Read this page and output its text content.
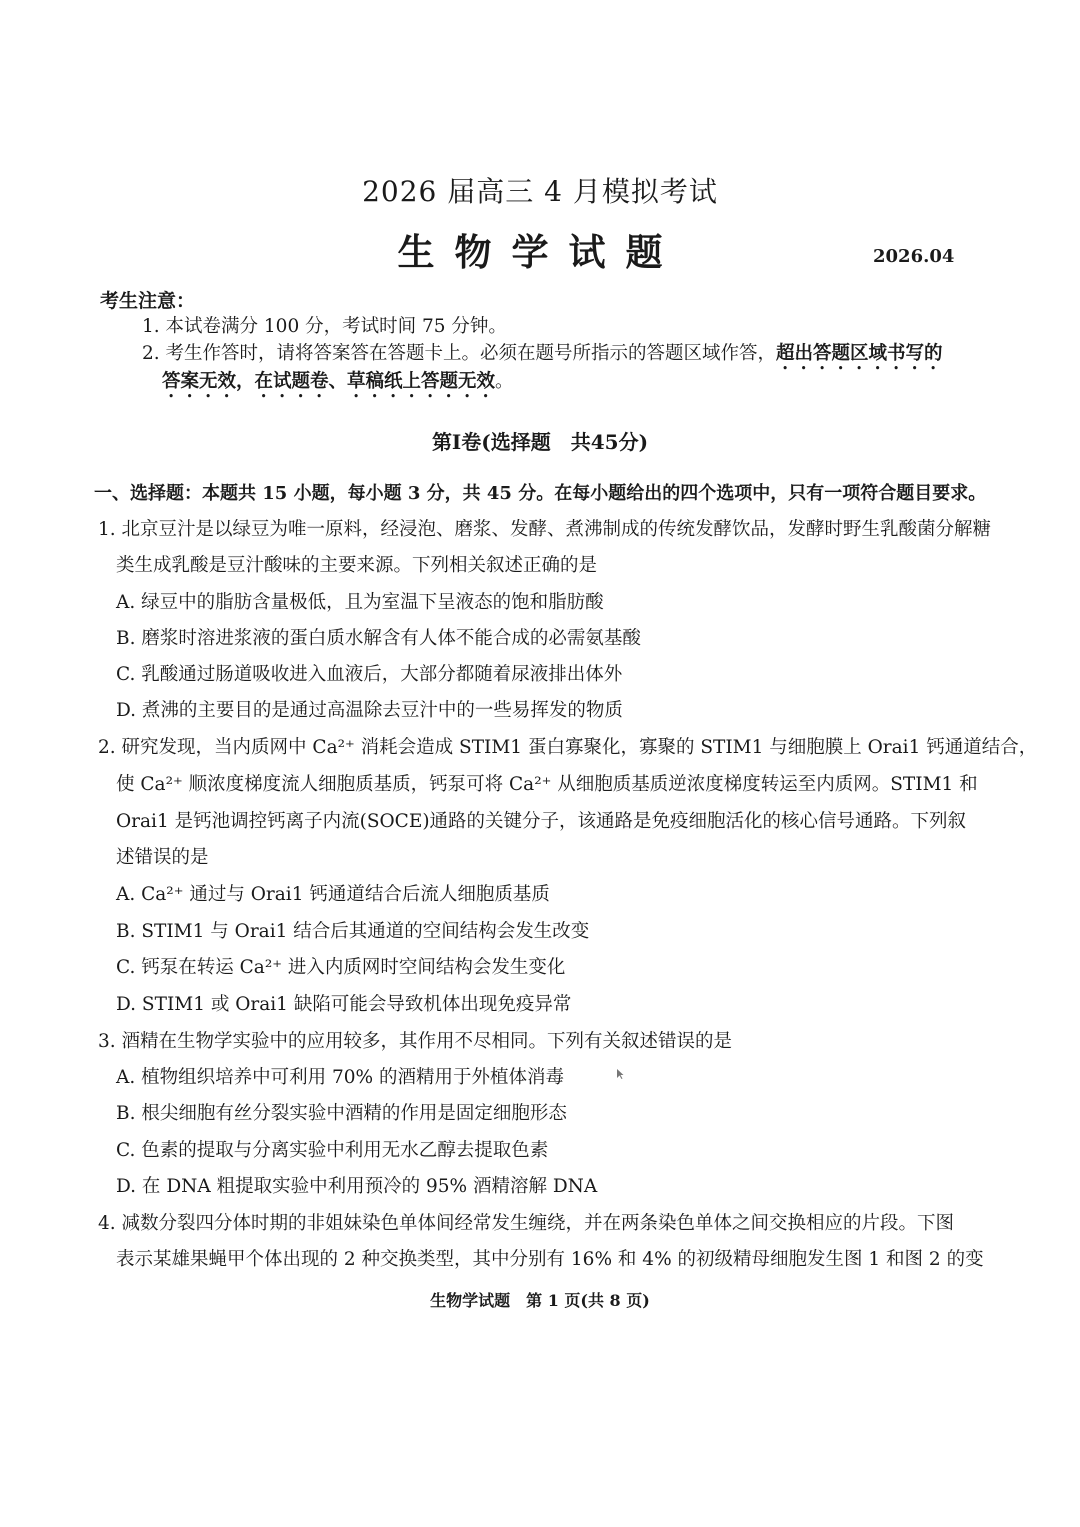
2026 届高三 4 月模拟考试
生物学试题	2026.04
考生注意：
1. 本试卷满分 100 分，考试时间 75 分钟。
2. 考生作答时，请将答案答在答题卡上。必须在题号所指示的答题区域作答，超出答题区域书写的
答案无效，在试题卷、草稿纸上答题无效。
第Ⅰ卷(选择题　共45分)
一、选择题：本题共 15 小题，每小题 3 分，共 45 分。在每小题给出的四个选项中，只有一项符合题目要求。
1. 北京豆汁是以绿豆为唯一原料，经浸泡、磨浆、发酵、煮沸制成的传统发酵饮品，发酵时野生乳酸菌分解糖
类生成乳酸是豆汁酸味的主要来源。下列相关叙述正确的是
A. 绿豆中的脂肪含量极低，且为室温下呈液态的饱和脂肪酸
B. 磨浆时溶进浆液的蛋白质水解含有人体不能合成的必需氨基酸
C. 乳酸通过肠道吸收进入血液后，大部分都随着尿液排出体外
D. 煮沸的主要目的是通过高温除去豆汁中的一些易挥发的物质
2. 研究发现，当内质网中 Ca²⁺ 消耗会造成 STIM1 蛋白寡聚化，寡聚的 STIM1 与细胞膜上 Orai1 钙通道结合，
使 Ca²⁺ 顺浓度梯度流人细胞质基质，钙泵可将 Ca²⁺ 从细胞质基质逆浓度梯度转运至内质网。STIM1 和
Orai1 是钙池调控钙离子内流(SOCE)通路的关键分子，该通路是免疫细胞活化的核心信号通路。下列叙
述错误的是
A. Ca²⁺ 通过与 Orai1 钙通道结合后流人细胞质基质
B. STIM1 与 Orai1 结合后其通道的空间结构会发生改变
C. 钙泵在转运 Ca²⁺ 进入内质网时空间结构会发生变化
D. STIM1 或 Orai1 缺陷可能会导致机体出现免疫异常
3. 酒精在生物学实验中的应用较多，其作用不尽相同。下列有关叙述错误的是
A. 植物组织培养中可利用 70% 的酒精用于外植体消毒
B. 根尖细胞有丝分裂实验中酒精的作用是固定细胞形态
C. 色素的提取与分离实验中利用无水乙醇去提取色素
D. 在 DNA 粗提取实验中利用预冷的 95% 酒精溶解 DNA
4. 减数分裂四分体时期的非姐妹染色单体间经常发生缠绕，并在两条染色单体之间交换相应的片段。下图
表示某雄果蝇甲个体出现的 2 种交换类型，其中分别有 16% 和 4% 的初级精母细胞发生图 1 和图 2 的变
生物学试题　第 1 页(共 8 页)
